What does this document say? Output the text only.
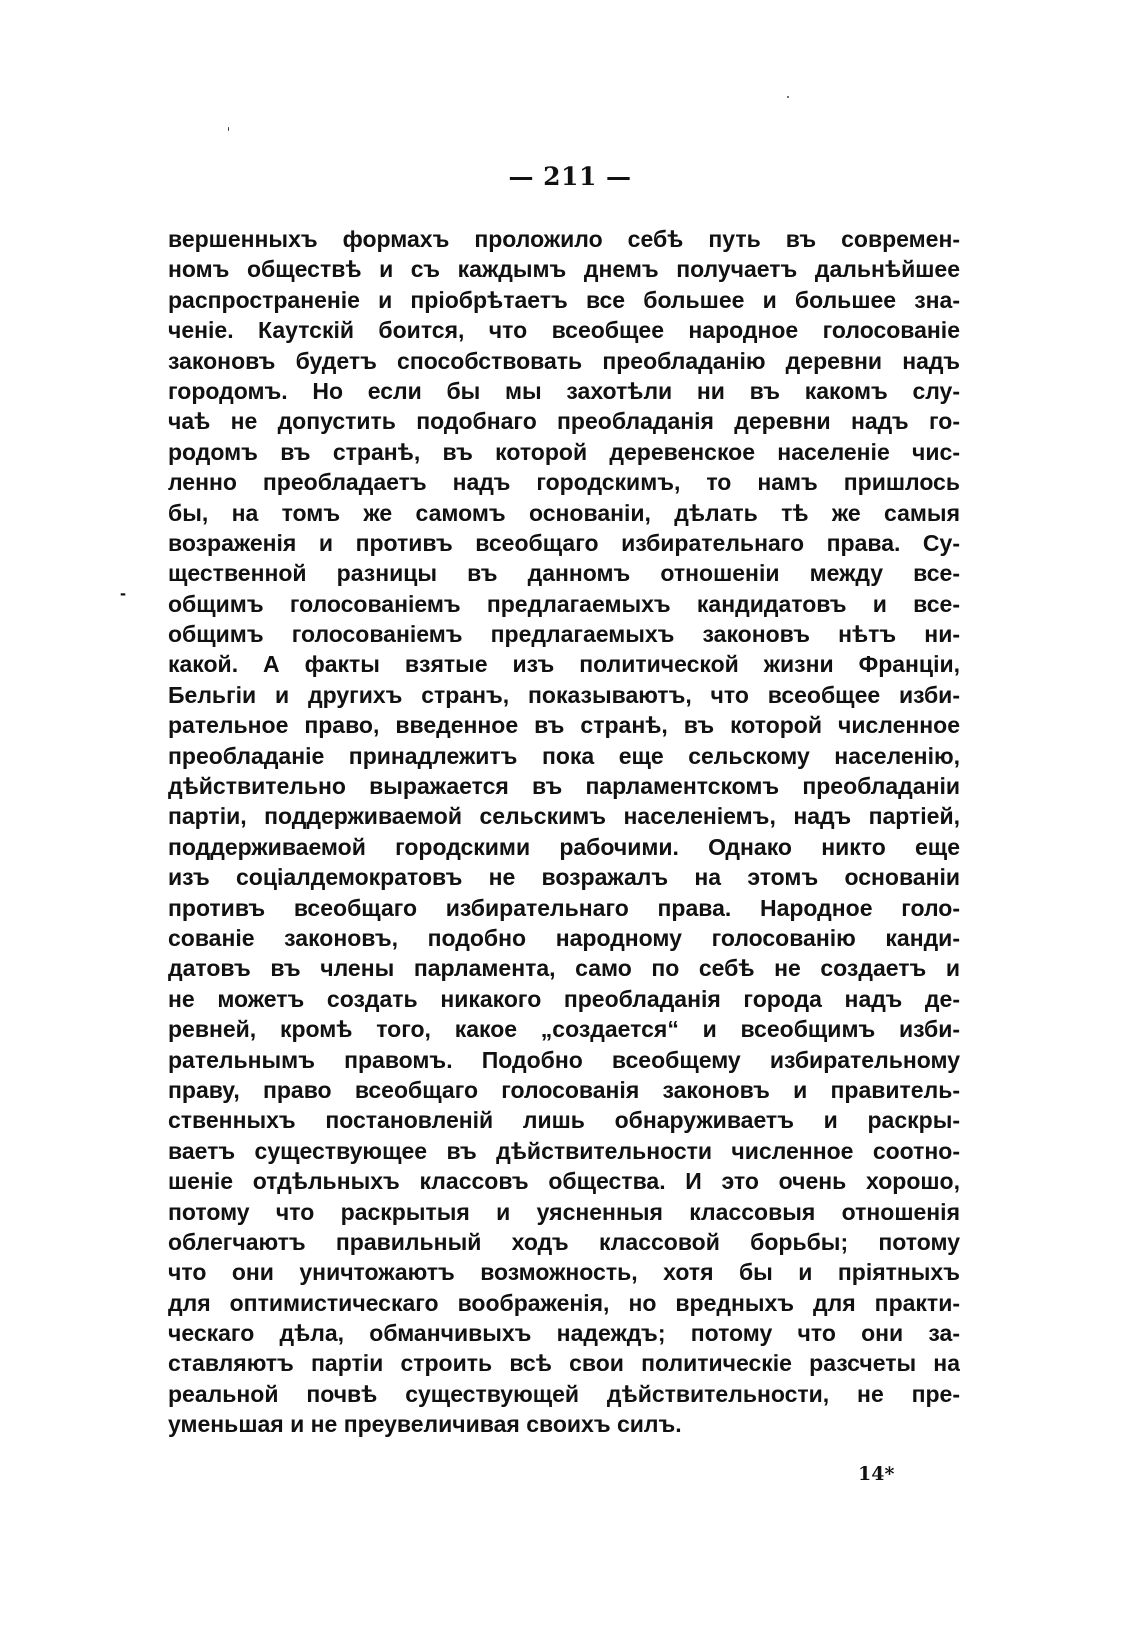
— 211 —
-
вершенныхъ формахъ проложило себѣ путь въ современ-
номъ обществѣ и съ каждымъ днемъ получаетъ дальнѣйшее
распространеніе и пріобрѣтаетъ все большее и большее зна-
ченіе. Каутскій боится, что всеобщее народное голосованіе
законовъ будетъ способствовать преобладанію деревни надъ
городомъ. Но если бы мы захотѣли ни въ какомъ слу-
чаѣ не допустить подобнаго преобладанія деревни надъ го-
родомъ въ странѣ, въ которой деревенское населеніе чис-
ленно преобладаетъ надъ городскимъ, то намъ пришлось
бы, на томъ же самомъ основаніи, дѣлать тѣ же самыя
возраженія и противъ всеобщаго избирательнаго права. Су-
щественной разницы въ данномъ отношеніи между все-
общимъ голосованіемъ предлагаемыхъ кандидатовъ и все-
общимъ голосованіемъ предлагаемыхъ законовъ нѣтъ ни-
какой. А факты взятые изъ политической жизни Франціи,
Бельгіи и другихъ странъ, показываютъ, что всеобщее изби-
рательное право, введенное въ странѣ, въ которой численное
преобладаніе принадлежитъ пока еще сельскому населенію,
дѣйствительно выражается въ парламентскомъ преобладаніи
партіи, поддерживаемой сельскимъ населеніемъ, надъ партіей,
поддерживаемой городскими рабочими. Однако никто еще
изъ соціалдемократовъ не возражалъ на этомъ основаніи
противъ всеобщаго избирательнаго права. Народное голо-
сованіе законовъ, подобно народному голосованію канди-
датовъ въ члены парламента, само по себѣ не создаетъ и
не можетъ создать никакого преобладанія города надъ де-
ревней, кромѣ того, какое „создается“ и всеобщимъ изби-
рательнымъ правомъ. Подобно всеобщему избирательному
праву, право всеобщаго голосованія законовъ и правитель-
ственныхъ постановленій лишь обнаруживаетъ и раскры-
ваетъ существующее въ дѣйствительности численное соотно-
шеніе отдѣльныхъ классовъ общества. И это очень хорошо,
потому что раскрытыя и уясненныя классовыя отношенія
облегчаютъ правильный ходъ классовой борьбы; потому
что они уничтожаютъ возможность, хотя бы и пріятныхъ
для оптимистическаго воображенія, но вредныхъ для практи-
ческаго дѣла, обманчивыхъ надеждъ; потому что они за-
ставляютъ партіи строить всѣ свои политическіе разсчеты на
реальной почвѣ существующей дѣйствительности, не пре-
уменьшая и не преувеличивая своихъ силъ.
14*
